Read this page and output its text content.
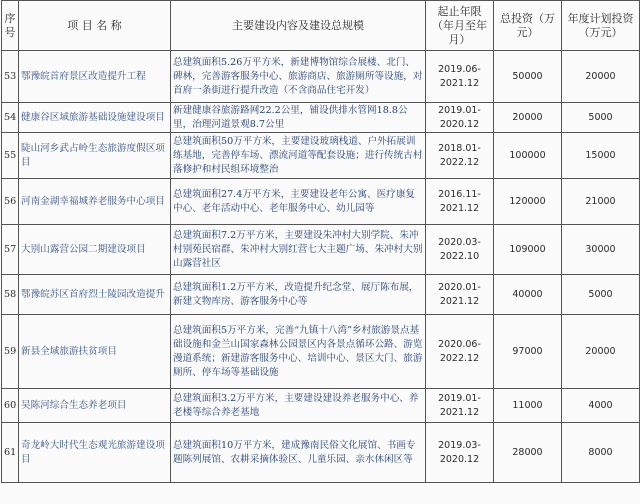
序号	项 目 名 称	主要建设内容及建设总规模	起止年限（年月至年月）	总投资（万元）	年度计划投资（万元）
53	鄂豫皖首府景区改造提升工程	总建筑面积5.26万平方米，新建博物馆综合展楼、北门、碑林，完善游客服务中心、旅游商店、旅游厕所等设施，对首府一条街进行提升改造（不含商品住宅开发）	2019.06-
2021.12	50000	20000
54	健康谷区域旅游基础设施建设项目	新建健康谷旅游路网22.2公里，铺设供排水管网18.8公里，治理河道景观8.7公里	2019.01-
2020.12	20000	5000
55	陡山河乡武占岭生态旅游度假区项目	总建筑面积50万平方米，主要建设玻璃栈道、户外拓展训练基地，完善停车场、漂流河道等配套设施；进行传统古村落修护和村民组环境整治	2018.01-
2022.12	100000	15000
56	河南金湖幸福城养老服务中心项目	总建筑面积27.4万平方米，主要建设老年公寓、医疗康复中心、老年活动中心、老年服务中心、幼儿园等	2016.11-
2021.12	120000	21000
57	大别山露营公园二期建设项目	总建筑面积7.2万平方米，主要建设朱冲村大别学院、朱冲村别苑民宿群、朱冲村大别红营七大主题广场、朱冲村大别山露营社区	2020.03-
2022.10	109000	30000
58	鄂豫皖苏区首府烈士陵园改造提升	总建筑面积1.2万平方米，改造提升纪念堂、展厅陈布展，新建文物库房、游客服务中心等	2020.01-
2021.12	40000	5000
59	新县全域旅游扶贫项目	总建筑面积5万平方米，完善“九镇十八湾”乡村旅游景点基础设施和金兰山国家森林公园景区内各景点循环公路、游览漫道系统；新建游客服务中心、培训中心、景区大门、旅游厕所、停车场等基础设施	2020.06-
2022.12	97000	20000
60	吴陈河综合生态养老项目	总建筑面积3.2万平方米，主要建设建设养老服务中心、养老楼等综合养老基地	2019.01-
2021.12	11000	4000
61	奇龙岭大时代生态观光旅游建设项目	总建筑面积10万平方米，建成豫南民俗文化展馆、书画专题陈列展馆、农耕采摘体验区、儿童乐园、亲水休闲区等	2019.03-
2020.12	28000	8000
